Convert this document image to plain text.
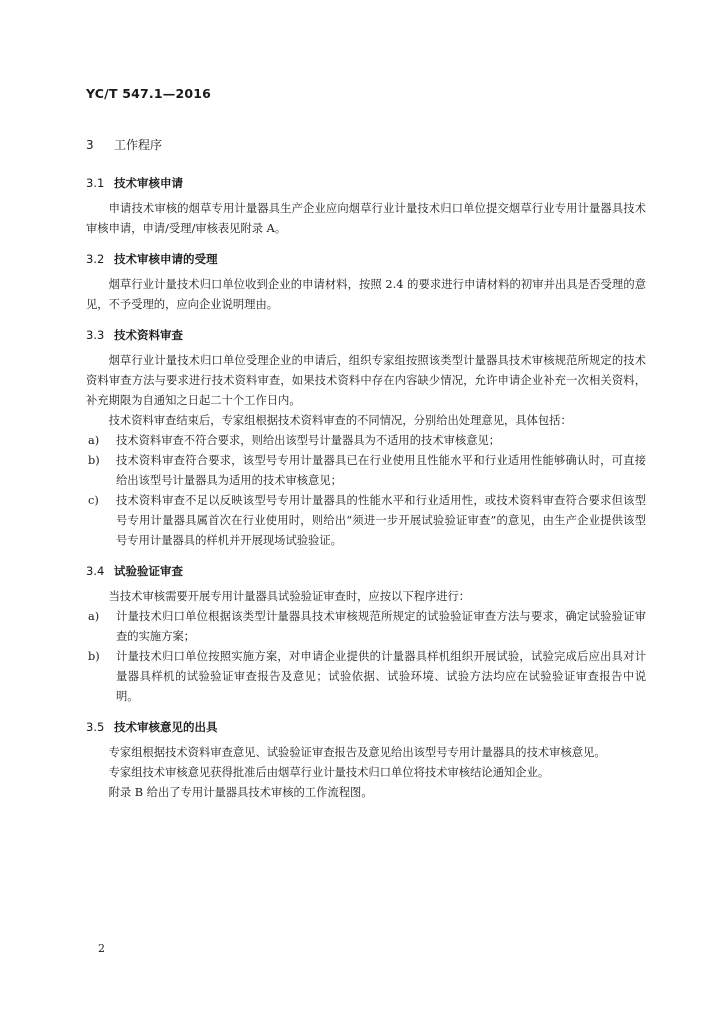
YC/T 547.1—2016
3 工作程序
3.1 技术审核申请

申请技术审核的烟草专用计量器具生产企业应向烟草行业计量技术归口单位提交烟草行业专用计量器具技术审核申请，申请/受理/审核表见附录 A。

3.2 技术审核申请的受理

烟草行业计量技术归口单位收到企业的申请材料，按照 2.4 的要求进行申请材料的初审并出具是否受理的意见，不予受理的，应向企业说明理由。

3.3 技术资料审查

烟草行业计量技术归口单位受理企业的申请后，组织专家组按照该类型计量器具技术审核规范所规定的技术资料审查方法与要求进行技术资料审查，如果技术资料中存在内容缺少情况，允许申请企业补充一次相关资料，补充期限为自通知之日起二十个工作日内。

技术资料审查结束后，专家组根据技术资料审查的不同情况，分别给出处理意见，具体包括：

a)	技术资料审查不符合要求，则给出该型号计量器具为不适用的技术审核意见；
b)	技术资料审查符合要求，该型号专用计量器具已在行业使用且性能水平和行业适用性能够确认时，可直接给出该型号计量器具为适用的技术审核意见；
c)	技术资料审查不足以反映该型号专用计量器具的性能水平和行业适用性，或技术资料审查符合要求但该型号专用计量器具属首次在行业使用时，则给出“须进一步开展试验验证审查”的意见，由生产企业提供该型号专用计量器具的样机并开展现场试验验证。
3.4 试验验证审查

当技术审核需要开展专用计量器具试验验证审查时，应按以下程序进行：

a)	计量技术归口单位根据该类型计量器具技术审核规范所规定的试验验证审查方法与要求，确定试验验证审查的实施方案；
b)	计量技术归口单位按照实施方案，对申请企业提供的计量器具样机组织开展试验，试验完成后应出具对计量器具样机的试验验证审查报告及意见；试验依据、试验环境、试验方法均应在试验验证审查报告中说明。
3.5 技术审核意见的出具

专家组根据技术资料审查意见、试验验证审查报告及意见给出该型号专用计量器具的技术审核意见。

专家组技术审核意见获得批准后由烟草行业计量技术归口单位将技术审核结论通知企业。

附录 B 给出了专用计量器具技术审核的工作流程图。

2
